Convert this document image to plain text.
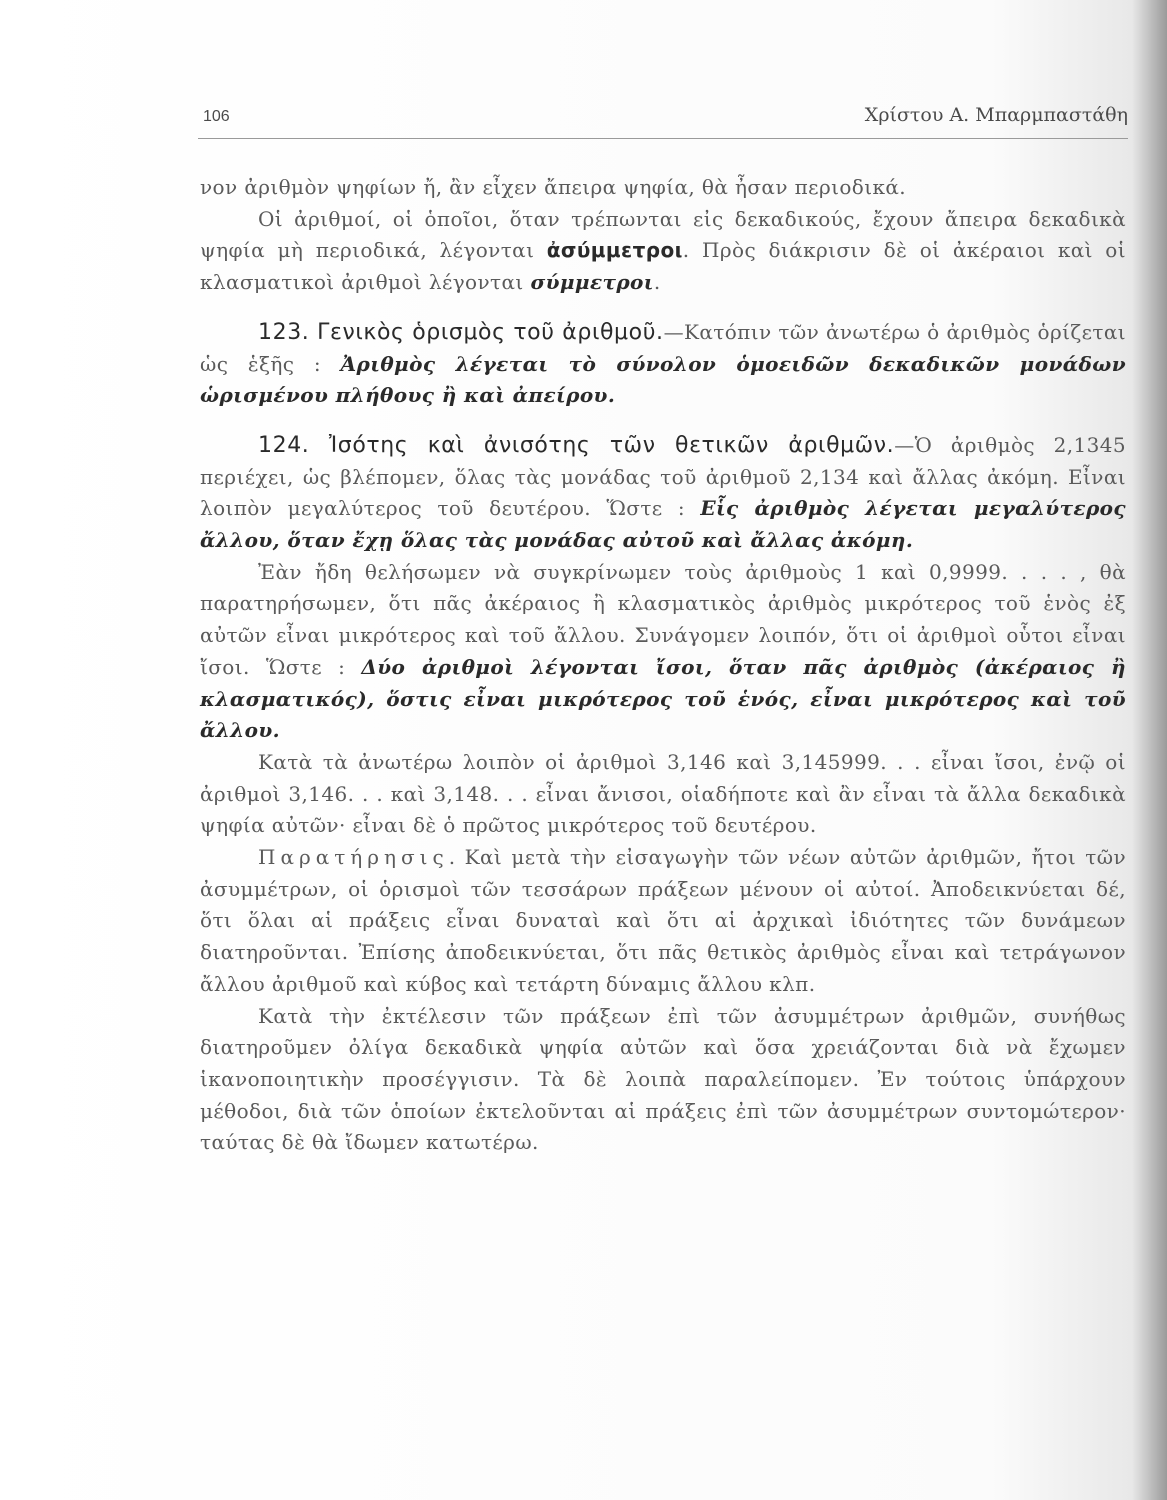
106	Χρίστου Α. Μπαρμπαστάθη

νον ἀριθμὸν ψηφίων ἤ, ἂν εἶχεν ἄπειρα ψηφία, θὰ ἦσαν περιοδικά.

Οἱ ἀριθμοί, οἱ ὁποῖοι, ὅταν τρέπωνται εἰς δεκαδικούς, ἔχουν ἄπειρα δεκαδικὰ ψηφία μὴ περιοδικά, λέγονται ἀσύμμετροι. Πρὸς διάκρισιν δὲ οἱ ἀκέραιοι καὶ οἱ κλασματικοὶ ἀριθμοὶ λέγονται σύμμετροι.

123. Γενικὸς ὁρισμὸς τοῦ ἀριθμοῦ.—Κατόπιν τῶν ἀνωτέρω ὁ ἀριθμὸς ὁρίζεται ὡς ἑξῆς : Ἀριθμὸς λέγεται τὸ σύνολον ὁμοειδῶν δεκαδικῶν μονάδων ὡρισμένου πλήθους ἢ καὶ ἀπείρου.

124. Ἰσότης καὶ ἀνισότης τῶν θετικῶν ἀριθμῶν.—Ὁ ἀριθμὸς 2,1345 περιέχει, ὡς βλέπομεν, ὅλας τὰς μονάδας τοῦ ἀριθμοῦ 2,134 καὶ ἄλλας ἀκόμη. Εἶναι λοιπὸν μεγαλύτερος τοῦ δευτέρου. Ὥστε : Εἷς ἀριθμὸς λέγεται μεγαλύτερος ἄλλου, ὅταν ἔχῃ ὅλας τὰς μονάδας αὐτοῦ καὶ ἄλλας ἀκόμη.

Ἐὰν ἤδη θελήσωμεν νὰ συγκρίνωμεν τοὺς ἀριθμοὺς 1 καὶ 0,9999. . . . , θὰ παρατηρήσωμεν, ὅτι πᾶς ἀκέραιος ἢ κλασματικὸς ἀριθμὸς μικρότερος τοῦ ἑνὸς ἐξ αὐτῶν εἶναι μικρότερος καὶ τοῦ ἄλλου. Συνάγομεν λοιπόν, ὅτι οἱ ἀριθμοὶ οὗτοι εἶναι ἴσοι. Ὥστε : Δύο ἀριθμοὶ λέγονται ἴσοι, ὅταν πᾶς ἀριθμὸς (ἀκέραιος ἢ κλασματικός), ὅστις εἶναι μικρότερος τοῦ ἑνός, εἶναι μικρότερος καὶ τοῦ ἄλλου.

Κατὰ τὰ ἀνωτέρω λοιπὸν οἱ ἀριθμοὶ 3,146 καὶ 3,145999. . . εἶναι ἴσοι, ἐνῷ οἱ ἀριθμοὶ 3,146. . . καὶ 3,148. . . εἶναι ἄνισοι, οἱαδήποτε καὶ ἂν εἶναι τὰ ἄλλα δεκαδικὰ ψηφία αὐτῶν· εἶναι δὲ ὁ πρῶτος μικρότερος τοῦ δευτέρου.

Παρατήρησις. Καὶ μετὰ τὴν εἰσαγωγὴν τῶν νέων αὐτῶν ἀριθμῶν, ἤτοι τῶν ἀσυμμέτρων, οἱ ὁρισμοὶ τῶν τεσσάρων πράξεων μένουν οἱ αὐτοί. Ἀποδεικνύεται δέ, ὅτι ὅλαι αἱ πράξεις εἶναι δυναταὶ καὶ ὅτι αἱ ἀρχικαὶ ἰδιότητες τῶν δυνάμεων διατηροῦνται. Ἐπίσης ἀποδεικνύεται, ὅτι πᾶς θετικὸς ἀριθμὸς εἶναι καὶ τετράγωνον ἄλλου ἀριθμοῦ καὶ κύβος καὶ τετάρτη δύναμις ἄλλου κλπ.

Κατὰ τὴν ἐκτέλεσιν τῶν πράξεων ἐπὶ τῶν ἀσυμμέτρων ἀριθμῶν, συνήθως διατηροῦμεν ὀλίγα δεκαδικὰ ψηφία αὐτῶν καὶ ὅσα χρειάζονται διὰ νὰ ἔχωμεν ἱκανοποιητικὴν προσέγγισιν. Τὰ δὲ λοιπὰ παραλείπομεν. Ἐν τούτοις ὑπάρχουν μέθοδοι, διὰ τῶν ὁποίων ἐκτελοῦνται αἱ πράξεις ἐπὶ τῶν ἀσυμμέτρων συντομώτερον· ταύτας δὲ θὰ ἴδωμεν κατωτέρω.
